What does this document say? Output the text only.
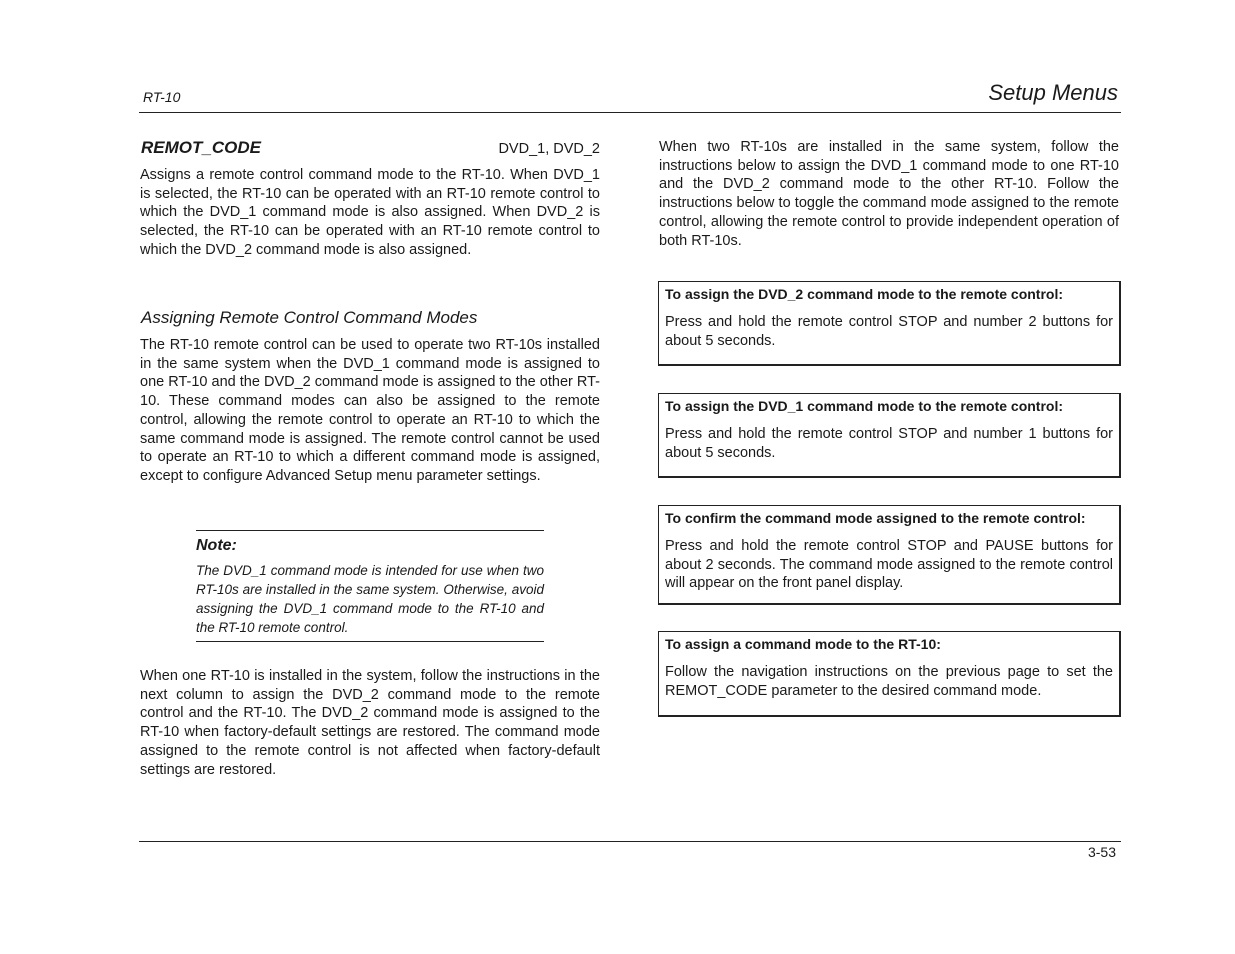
RT-10	Setup Menus
REMOT_CODE	DVD_1, DVD_2

Assigns a remote control command mode to the RT-10. When DVD_1 is selected, the RT-10 can be operated with an RT-10 remote control to which the DVD_1 command mode is also assigned. When DVD_2 is selected, the RT-10 can be operated with an RT-10 remote control to which the DVD_2 command mode is also assigned.

Assigning Remote Control Command Modes

The RT-10 remote control can be used to operate two RT-10s installed in the same system when the DVD_1 command mode is assigned to one RT-10 and the DVD_2 command mode is assigned to the other RT-10. These command modes can also be assigned to the remote control, allowing the remote control to operate an RT-10 to which the same command mode is assigned. The remote control cannot be used to operate an RT-10 to which a different command mode is assigned, except to configure Advanced Setup menu parameter settings.

Note:

The DVD_1 command mode is intended for use when two RT-10s are installed in the same system. Otherwise, avoid assigning the DVD_1 command mode to the RT-10 and the RT-10 remote control.

When one RT-10 is installed in the system, follow the instructions in the next column to assign the DVD_2 command mode to the remote control and the RT-10. The DVD_2 command mode is assigned to the RT-10 when factory-default settings are restored. The command mode assigned to the remote control is not affected when factory-default settings are restored.

When two RT-10s are installed in the same system, follow the instructions below to assign the DVD_1 command mode to one RT-10 and the DVD_2 command mode to the other RT-10. Follow the instructions below to toggle the command mode assigned to the remote control, allowing the remote control to provide independent operation of both RT-10s.

To assign the DVD_2 command mode to the remote control:

Press and hold the remote control STOP and number 2 buttons for about 5 seconds.

To assign the DVD_1 command mode to the remote control:

Press and hold the remote control STOP and number 1 buttons for about 5 seconds.

To confirm the command mode assigned to the remote control:

Press and hold the remote control STOP and PAUSE buttons for about 2 seconds. The command mode assigned to the remote control will appear on the front panel display.

To assign a command mode to the RT-10:

Follow the navigation instructions on the previous page to set the REMOT_CODE parameter to the desired command mode.

3-53
